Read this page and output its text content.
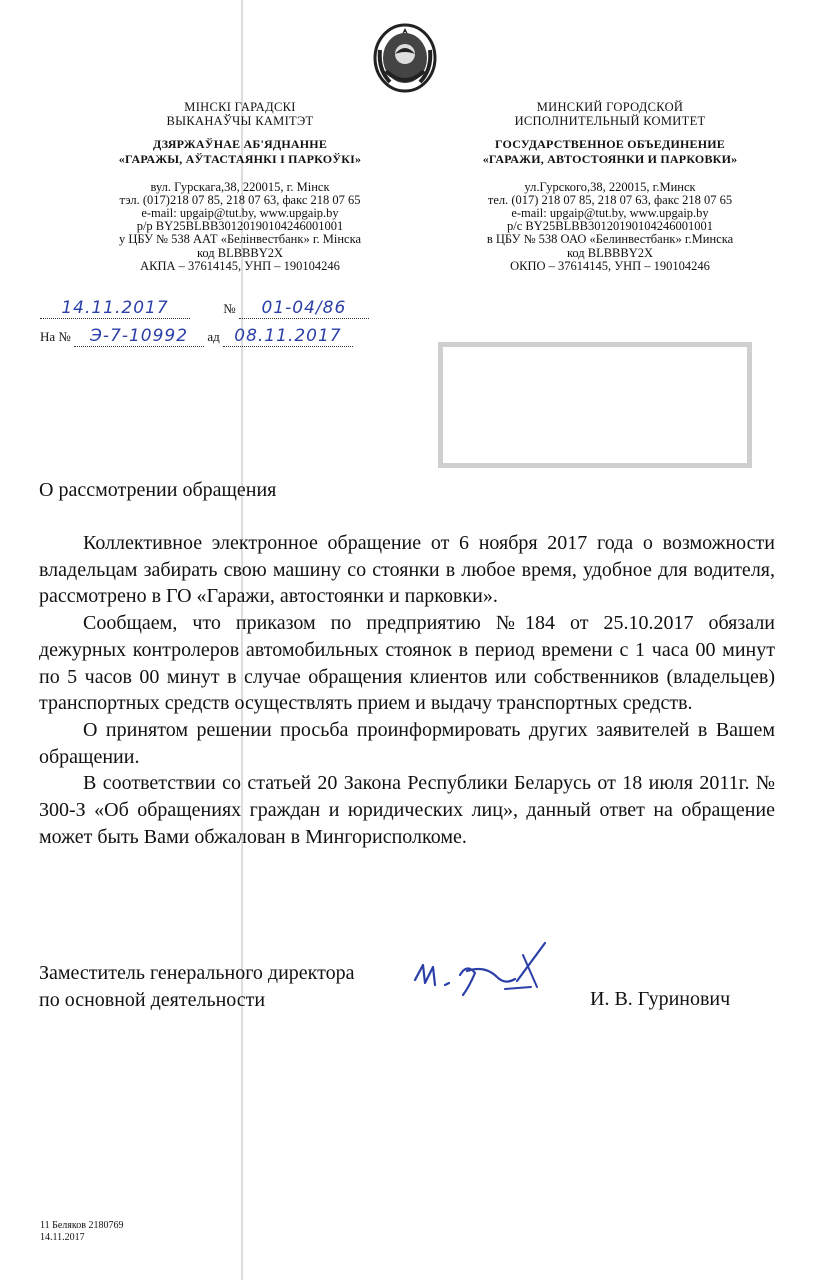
МІНСКІ ГАРАДСКІ
ВЫКАНАЎЧЫ КАМІТЭТ
ДЗЯРЖАЎНАЕ АБ'ЯДНАННЕ
«ГАРАЖЫ, АЎТАСТАЯНКІ І ПАРКОЎКІ»
вул. Гурскага,38, 220015, г. Мінск
тэл. (017)218 07 85, 218 07 63, факс 218 07 65
e-mail: upgaip@tut.by, www.upgaip.by
р/р BY25BLBB30120190104246001001
у ЦБУ № 538 ААТ «Белінвестбанк» г. Мінска
код BLBBBY2X
АКПА – 37614145, УНП – 190104246
МИНСКИЙ ГОРОДСКОЙ
ИСПОЛНИТЕЛЬНЫЙ КОМИТЕТ
ГОСУДАРСТВЕННОЕ ОБЪЕДИНЕНИЕ
«ГАРАЖИ, АВТОСТОЯНКИ И ПАРКОВКИ»
ул.Гурского,38, 220015, г.Минск
тел. (017) 218 07 85, 218 07 63, факс 218 07 65
e-mail: upgaip@tut.by, www.upgaip.by
р/с BY25BLBB30120190104246001001
в ЦБУ № 538 ОАО «Белинвестбанк» г.Минска
код BLBBBY2X
ОКПО – 37614145, УНП – 190104246
14.11.2017	№ 01-04/86
На № Э-7-10992 ад 08.11.2017
О рассмотрении обращения

Коллективное электронное обращение от 6 ноября 2017 года о возможности владельцам забирать свою машину со стоянки в любое время, удобное для водителя, рассмотрено в ГО «Гаражи, автостоянки и парковки».

Сообщаем, что приказом по предприятию №184 от 25.10.2017 обязали дежурных контролеров автомобильных стоянок в период времени с 1 часа 00 минут по 5 часов 00 минут в случае обращения клиентов или собственников (владельцев) транспортных средств осуществлять прием и выдачу транспортных средств.

О принятом решении просьба проинформировать других заявителей в Вашем обращении.

В соответствии со статьей 20 Закона Республики Беларусь от 18 июля 2011г. № 300-З «Об обращениях граждан и юридических лиц», данный ответ на обращение может быть Вами обжалован в Мингорисполкоме.

Заместитель генерального директора
по основной деятельности	И. В. Гуринович
11 Беляков 2180769
14.11.2017
